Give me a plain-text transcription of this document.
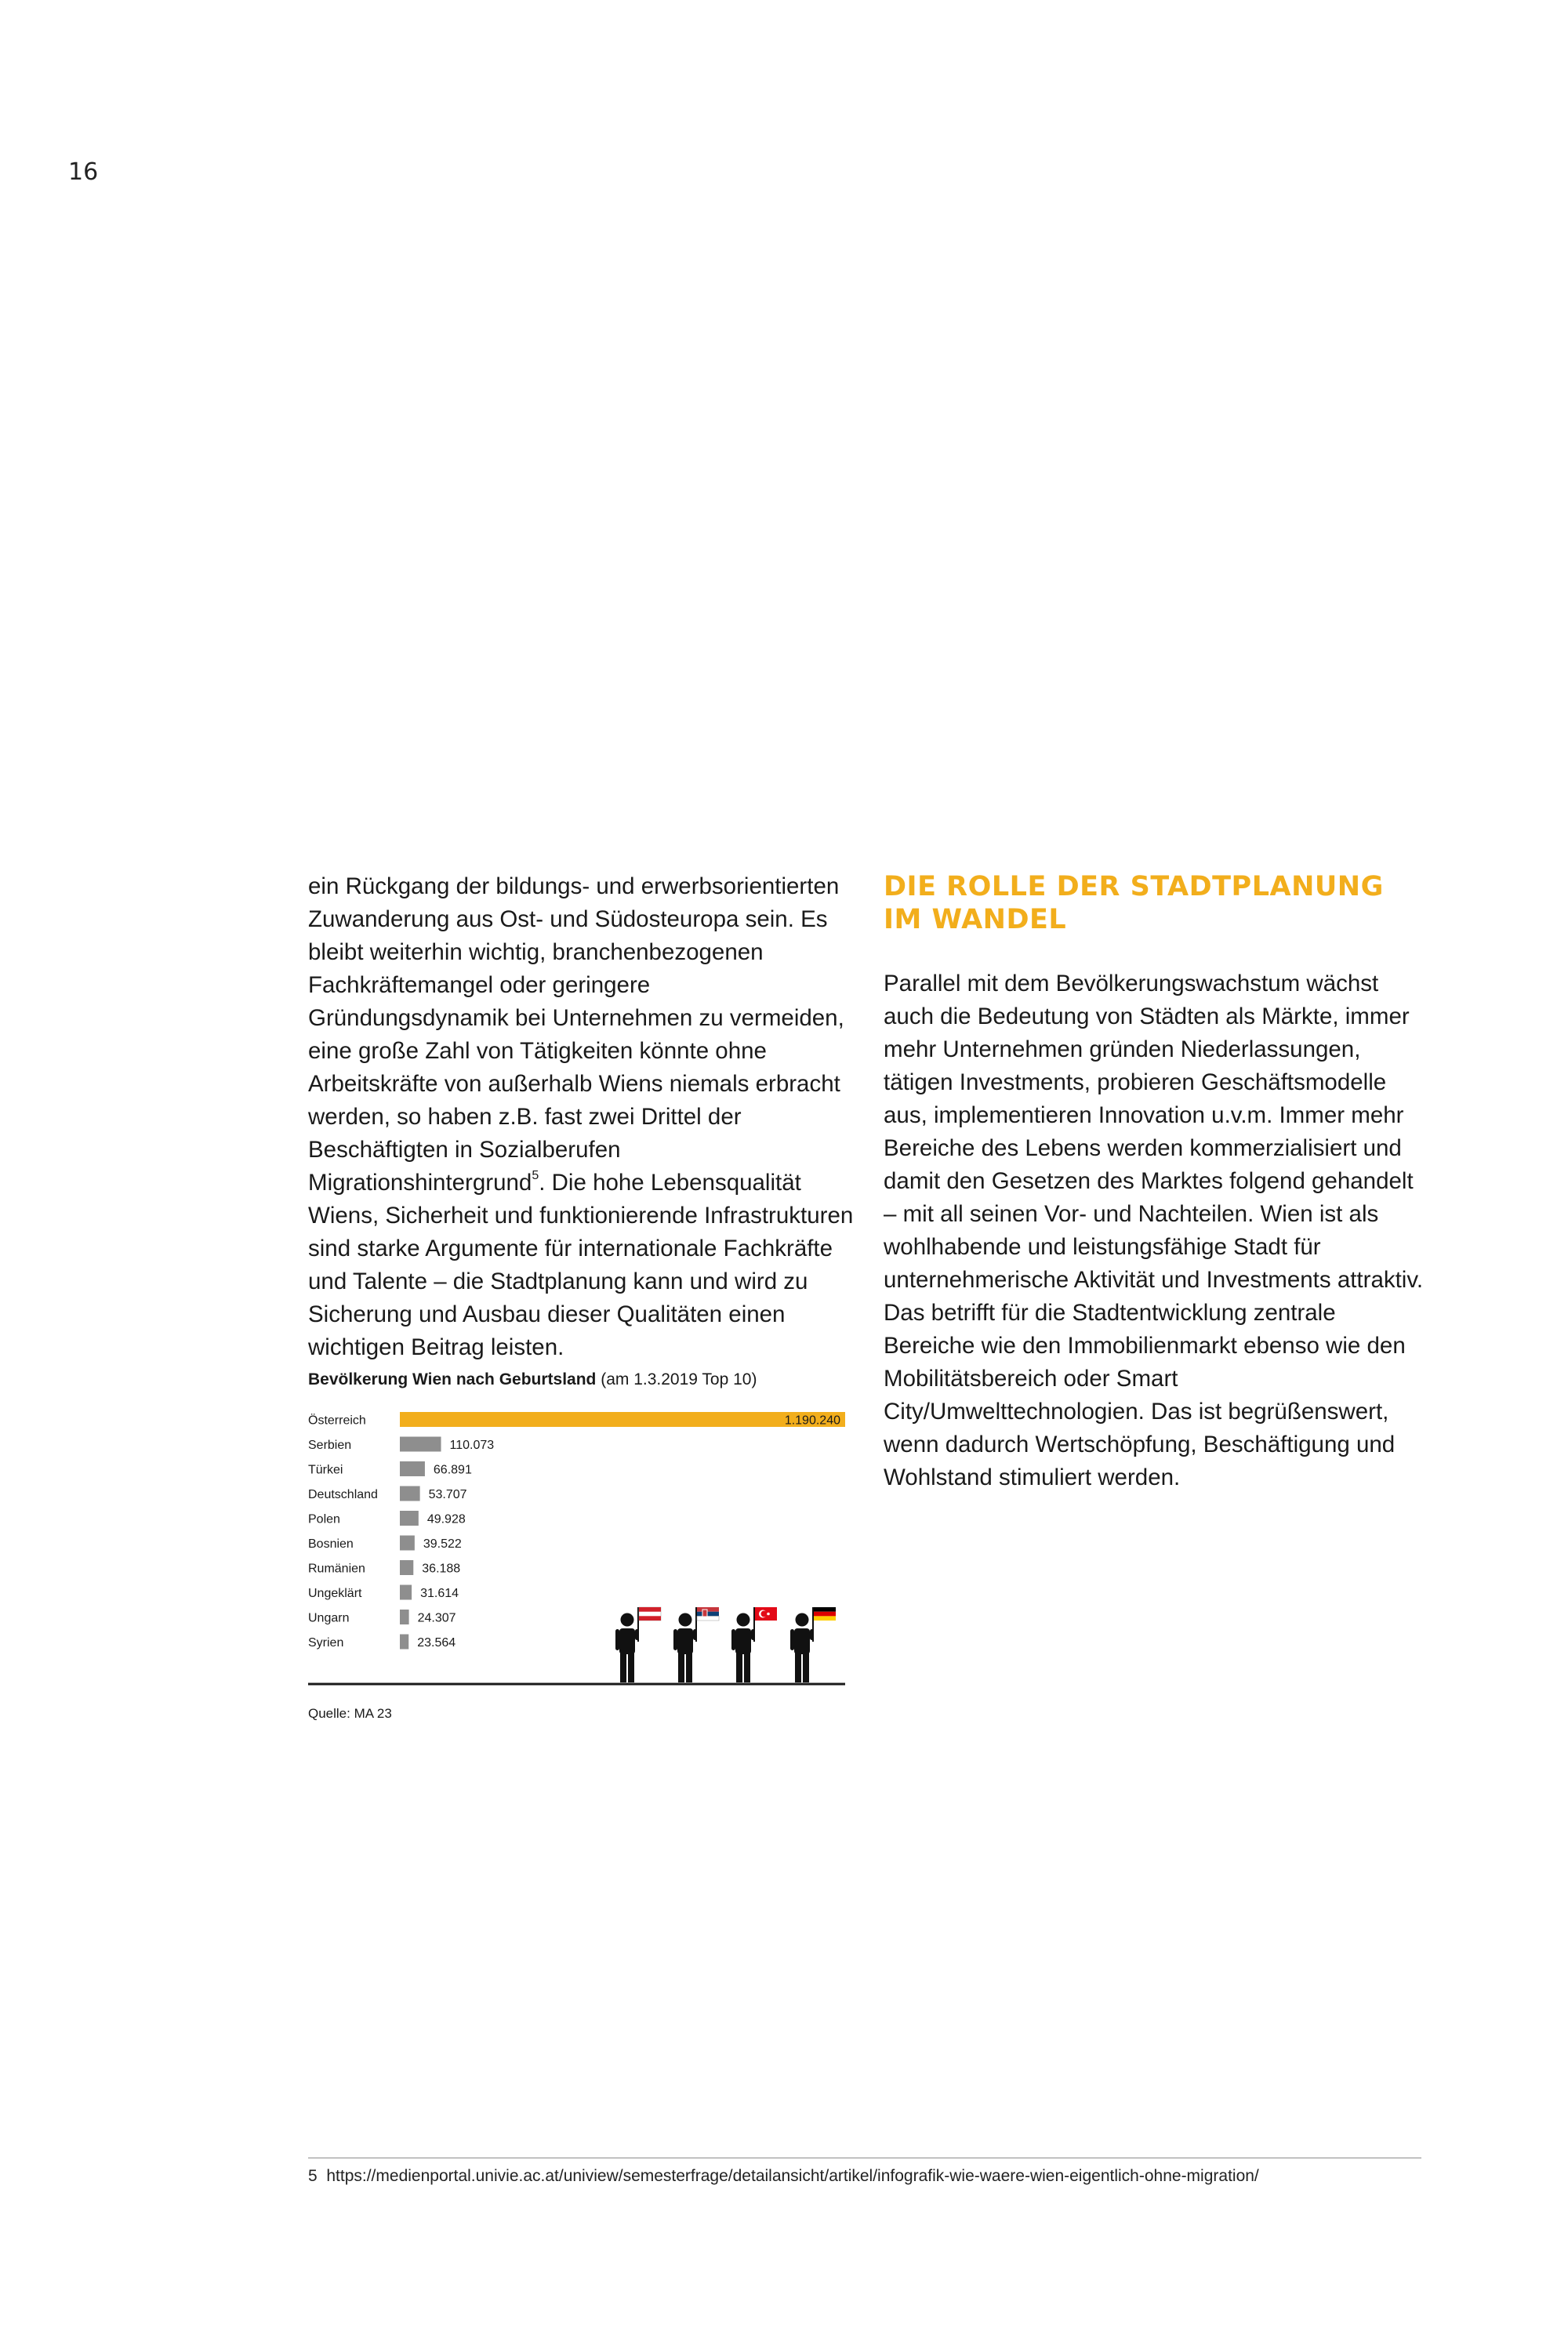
16

ein Rückgang der bildungs- und erwerbsorientierten Zuwanderung aus Ost- und Südosteuropa sein. Es bleibt weiterhin wichtig, branchenbezogenen Fachkräftemangel oder geringere Gründungsdynamik bei Unternehmen zu vermeiden, eine große Zahl von Tätigkeiten könnte ohne Arbeitskräfte von außerhalb Wiens niemals erbracht werden, so haben z.B. fast zwei Drittel der Beschäftigten in Sozialberufen Migrationshintergrund$^5$. Die hohe Lebensqualität Wiens, Sicherheit und funktionierende Infrastrukturen sind starke Argumente für internationale Fachkräfte und Talente – die Stadtplanung kann und wird zu Sicherung und Ausbau dieser Qualitäten einen wichtigen Beitrag leisten.

DIE ROLLE DER STADTPLANUNG
IM WANDEL

Parallel mit dem Bevölkerungswachstum wächst auch die Bedeutung von Städten als Märkte, immer mehr Unternehmen gründen Niederlassungen, tätigen Investments, probieren Geschäftsmodelle aus, implementieren Innovation u.v.m. Immer mehr Bereiche des Lebens werden kommerzialisiert und damit den Gesetzen des Marktes folgend gehandelt – mit all seinen Vor- und Nachteilen. Wien ist als wohlhabende und leistungsfähige Stadt für unternehmerische Aktivität und Investments attraktiv. Das betrifft für die Stadtentwicklung zentrale Bereiche wie den Immobilienmarkt ebenso wie den Mobilitätsbereich oder Smart City/Umwelttechnologien. Das ist begrüßenswert, wenn dadurch Wertschöpfung, Beschäftigung und Wohlstand stimuliert werden.

Bevölkerung Wien nach Geburtsland (am 1.3.2019 Top 10)
Österreich	1.190.240
Serbien	110.073
Türkei	66.891
Deutschland	53.707
Polen	49.928
Bosnien	39.522
Rumänien	36.188
Ungeklärt	31.614
Ungarn	24.307
Syrien	23.564
Quelle: MA 23
5 https://medienportal.univie.ac.at/uniview/semesterfrage/detailansicht/artikel/infografik-wie-waere-wien-eigentlich-ohne-migration/
